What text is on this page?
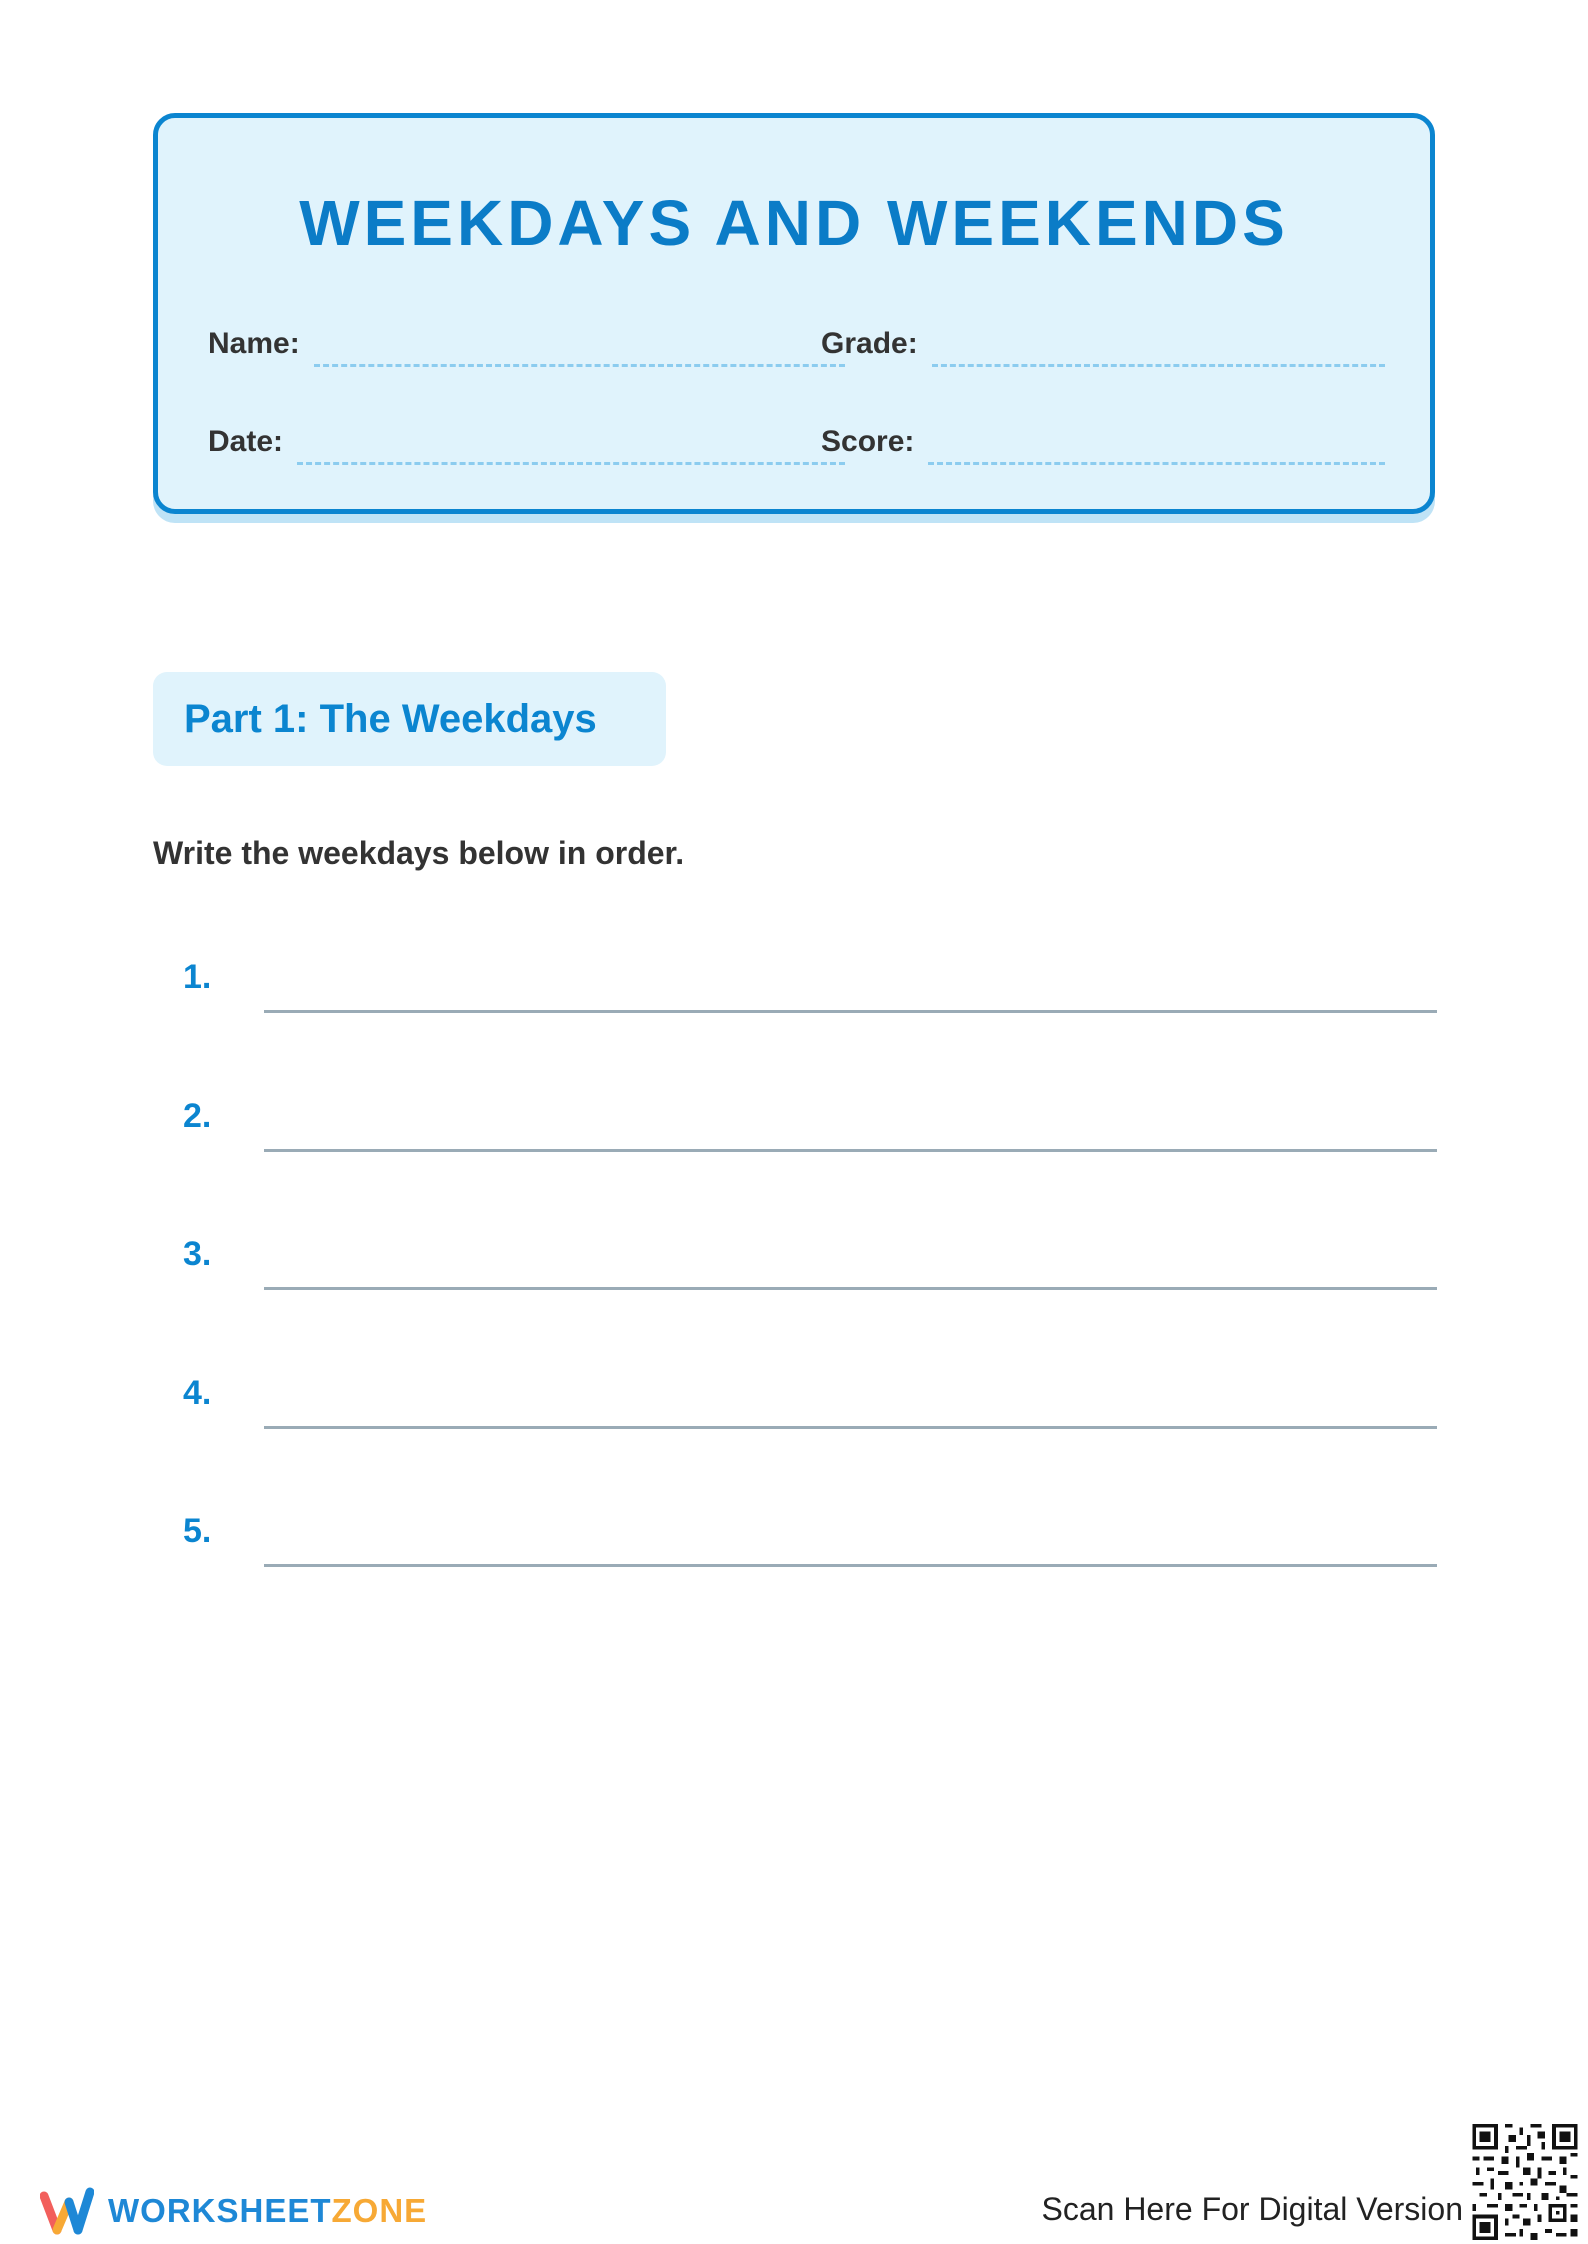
WEEKDAYS AND WEEKENDS
Name:	Grade:
Date:	Score:
Part 1: The Weekdays
Write the weekdays below in order.
1.
2.
3.
4.
5.
WORKSHEETZONE	Scan Here For Digital Version
